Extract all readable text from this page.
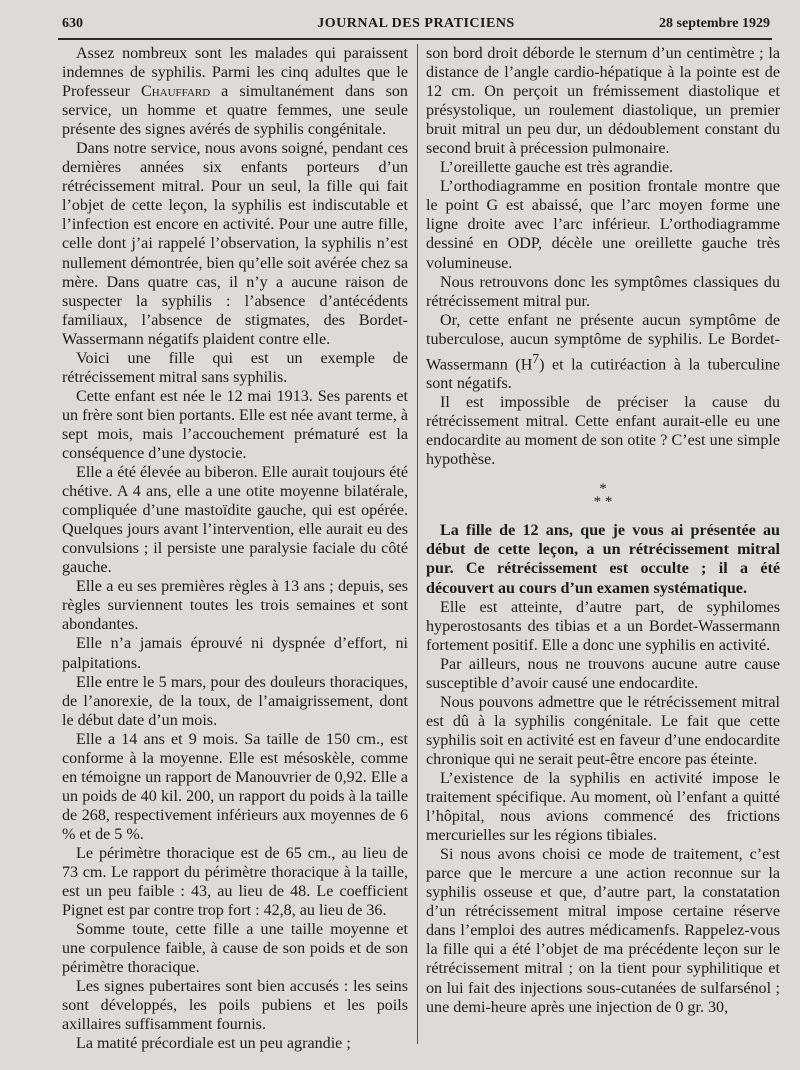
630	JOURNAL DES PRATICIENS	28 septembre 1929

Assez nombreux sont les malades qui paraissent indemnes de syphilis. Parmi les cinq adultes que le Professeur Chauffard a simultanément dans son service, un homme et quatre femmes, une seule présente des signes avérés de syphilis congénitale.

Dans notre service, nous avons soigné, pendant ces dernières années six enfants porteurs d’un rétrécissement mitral. Pour un seul, la fille qui fait l’objet de cette leçon, la syphilis est indiscutable et l’infection est encore en activité. Pour une autre fille, celle dont j’ai rappelé l’observation, la syphilis n’est nullement démontrée, bien qu’elle soit avérée chez sa mère. Dans quatre cas, il n’y a aucune raison de suspecter la syphilis : l’absence d’antécédents familiaux, l’absence de stigmates, des Bordet-Wassermann négatifs plaident contre elle.

Voici une fille qui est un exemple de rétrécissement mitral sans syphilis.

Cette enfant est née le 12 mai 1913. Ses parents et un frère sont bien portants. Elle est née avant terme, à sept mois, mais l’accouchement prématuré est la conséquence d’une dystocie.

Elle a été élevée au biberon. Elle aurait toujours été chétive. A 4 ans, elle a une otite moyenne bilatérale, compliquée d’une mastoïdite gauche, qui est opérée. Quelques jours avant l’intervention, elle aurait eu des convulsions ; il persiste une paralysie faciale du côté gauche.

Elle a eu ses premières règles à 13 ans ; depuis, ses règles surviennent toutes les trois semaines et sont abondantes.

Elle n’a jamais éprouvé ni dyspnée d’effort, ni palpitations.

Elle entre le 5 mars, pour des douleurs thoraciques, de l’anorexie, de la toux, de l’amaigrissement, dont le début date d’un mois.

Elle a 14 ans et 9 mois. Sa taille de 150 cm., est conforme à la moyenne. Elle est mésoskèle, comme en témoigne un rapport de Manouvrier de 0,92. Elle a un poids de 40 kil. 200, un rapport du poids à la taille de 268, respectivement inférieurs aux moyennes de 6 % et de 5 %.

Le périmètre thoracique est de 65 cm., au lieu de 73 cm. Le rapport du périmètre thoracique à la taille, est un peu faible : 43, au lieu de 48. Le coefficient Pignet est par contre trop fort : 42,8, au lieu de 36.

Somme toute, cette fille a une taille moyenne et une corpulence faible, à cause de son poids et de son périmètre thoracique.

Les signes pubertaires sont bien accusés : les seins sont développés, les poils pubiens et les poils axillaires suffisamment fournis.

La matité précordiale est un peu agrandie ;

son bord droit déborde le sternum d’un centimètre ; la distance de l’angle cardio-hépatique à la pointe est de 12 cm. On perçoit un frémissement diastolique et présystolique, un roulement diastolique, un premier bruit mitral un peu dur, un dédoublement constant du second bruit à précession pulmonaire.

L’oreillette gauche est très agrandie.

L’orthodiagramme en position frontale montre que le point G est abaissé, que l’arc moyen forme une ligne droite avec l’arc inférieur. L’orthodiagramme dessiné en ODP, décèle une oreillette gauche très volumineuse.

Nous retrouvons donc les symptômes classiques du rétrécissement mitral pur.

Or, cette enfant ne présente aucun symptôme de tuberculose, aucun symptôme de syphilis. Le Bordet-Wassermann $(H^7)$ et la cutiréaction à la tuberculine sont négatifs.

Il est impossible de préciser la cause du rétrécissement mitral. Cette enfant aurait-elle eu une endocardite au moment de son otite ? C’est une simple hypothèse.

*
* *

La fille de 12 ans, que je vous ai présentée au début de cette leçon, a un rétrécissement mitral pur. Ce rétrécissement est occulte ; il a été découvert au cours d’un examen systématique.

Elle est atteinte, d’autre part, de syphilomes hyperostosants des tibias et a un Bordet-Wassermann fortement positif. Elle a donc une syphilis en activité.

Par ailleurs, nous ne trouvons aucune autre cause susceptible d’avoir causé une endocardite.

Nous pouvons admettre que le rétrécissement mitral est dû à la syphilis congénitale. Le fait que cette syphilis soit en activité est en faveur d’une endocardite chronique qui ne serait peut-être encore pas éteinte.

L’existence de la syphilis en activité impose le traitement spécifique. Au moment, où l’enfant a quitté l’hôpital, nous avions commencé des frictions mercurielles sur les régions tibiales.

Si nous avons choisi ce mode de traitement, c’est parce que le mercure a une action reconnue sur la syphilis osseuse et que, d’autre part, la constatation d’un rétrécissement mitral impose certaine réserve dans l’emploi des autres médicamenfs. Rappelez-vous la fille qui a été l’objet de ma précédente leçon sur le rétrécissement mitral ; on la tient pour syphilitique et on lui fait des injections sous-cutanées de sulfarsénol ; une demi-heure après une injection de 0 gr. 30,
